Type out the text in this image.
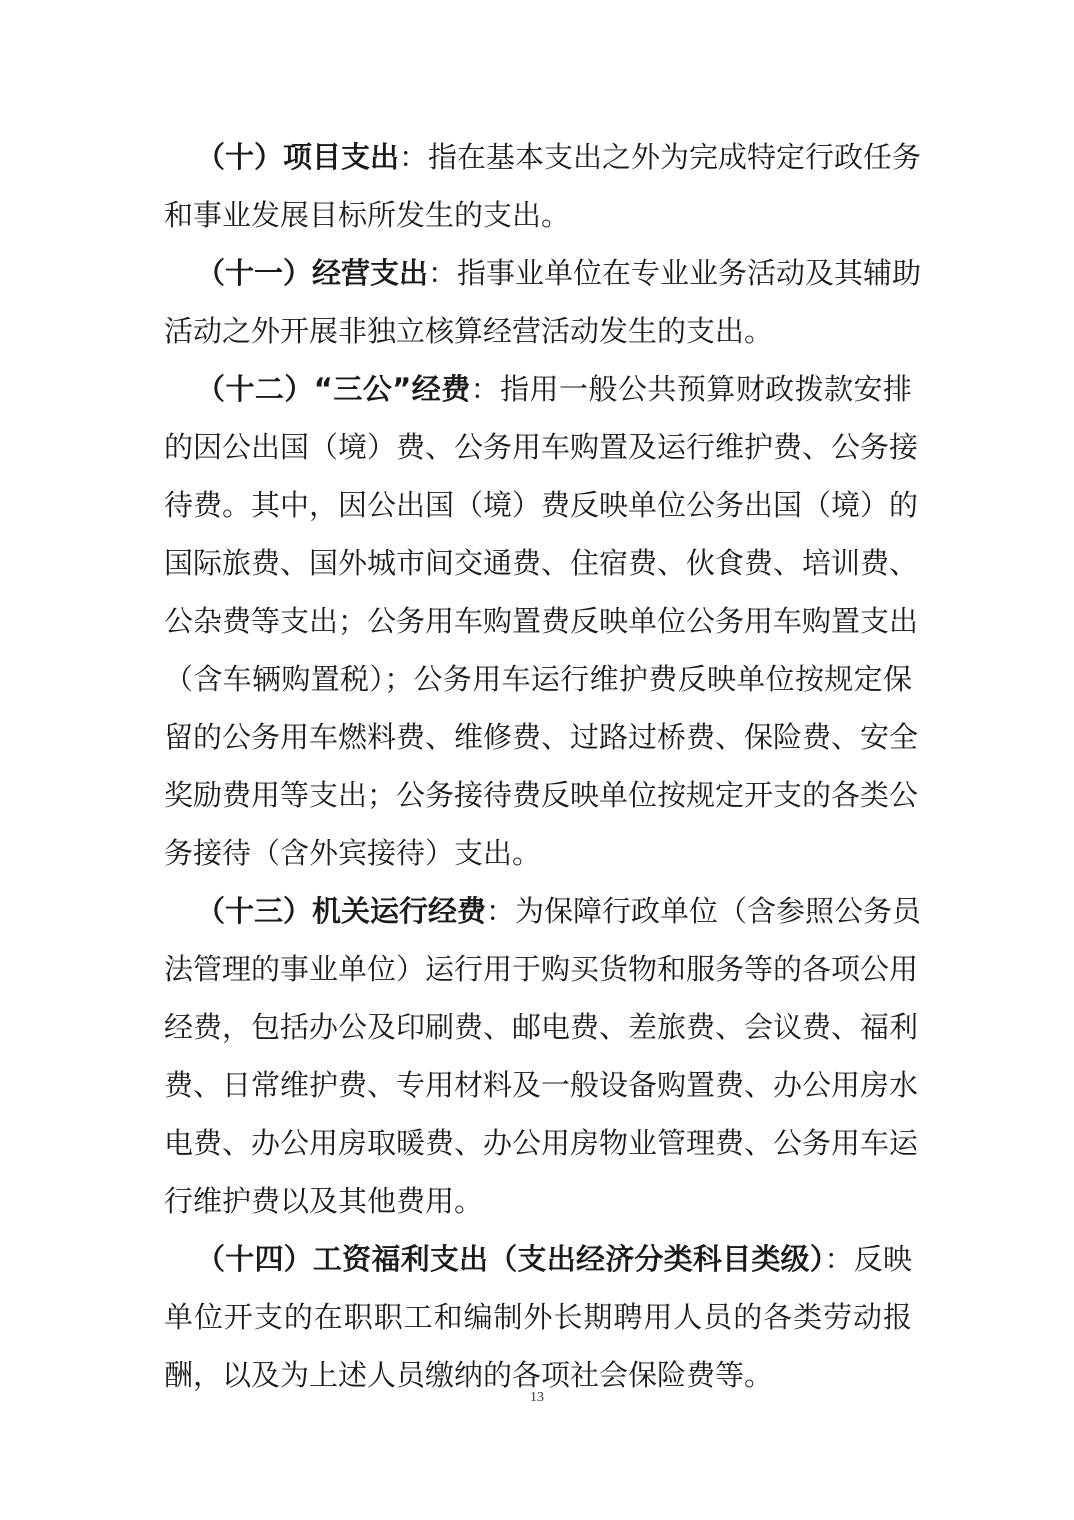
（十）项目支出：指在基本支出之外为完成特定行政任务
和事业发展目标所发生的支出。
（十一）经营支出：指事业单位在专业业务活动及其辅助
活动之外开展非独立核算经营活动发生的支出。
（十二）“三公”经费：指用一般公共预算财政拨款安排
的因公出国（境）费、公务用车购置及运行维护费、公务接
待费。其中，因公出国（境）费反映单位公务出国（境）的
国际旅费、国外城市间交通费、住宿费、伙食费、培训费、
公杂费等支出；公务用车购置费反映单位公务用车购置支出
（含车辆购置税）；公务用车运行维护费反映单位按规定保
留的公务用车燃料费、维修费、过路过桥费、保险费、安全
奖励费用等支出；公务接待费反映单位按规定开支的各类公
务接待（含外宾接待）支出。
（十三）机关运行经费：为保障行政单位（含参照公务员
法管理的事业单位）运行用于购买货物和服务等的各项公用
经费，包括办公及印刷费、邮电费、差旅费、会议费、福利
费、日常维护费、专用材料及一般设备购置费、办公用房水
电费、办公用房取暖费、办公用房物业管理费、公务用车运
行维护费以及其他费用。
（十四）工资福利支出（支出经济分类科目类级）：反映
单位开支的在职职工和编制外长期聘用人员的各类劳动报
酬，以及为上述人员缴纳的各项社会保险费等。
13
